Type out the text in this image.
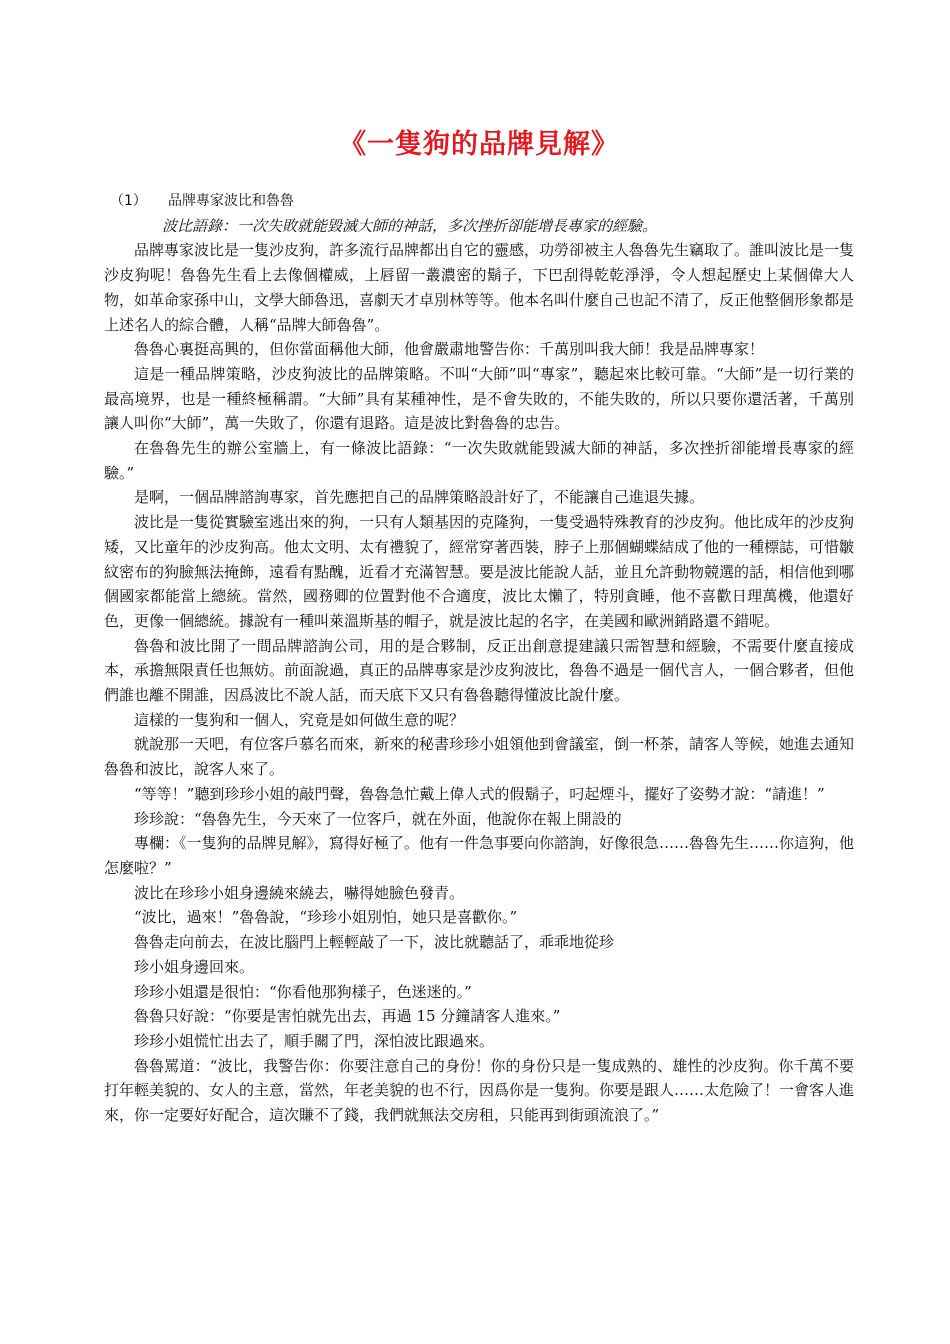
《一隻狗的品牌見解》
（1） 品牌專家波比和魯魯

波比語錄：一次失敗就能毀滅大師的神話，多次挫折卻能增長專家的經驗。

品牌專家波比是一隻沙皮狗，許多流行品牌都出自它的靈感，功勞卻被主人魯魯先生竊取了。誰叫波比是一隻沙皮狗呢！魯魯先生看上去像個權威，上唇留一叢濃密的鬍子，下巴刮得乾乾淨淨，令人想起歷史上某個偉大人物，如革命家孫中山，文學大師魯迅，喜劇天才卓別林等等。他本名叫什麼自己也記不清了，反正他整個形象都是上述名人的綜合體，人稱“品牌大師魯魯”。

魯魯心裏挺高興的，但你當面稱他大師，他會嚴肅地警告你：千萬別叫我大師！我是品牌專家！

這是一種品牌策略，沙皮狗波比的品牌策略。不叫“大師”叫“專家”，聽起來比較可靠。“大師”是一切行業的最高境界，也是一種終極稱謂。“大師”具有某種神性，是不會失敗的，不能失敗的，所以只要你還活著，千萬別讓人叫你“大師”，萬一失敗了，你還有退路。這是波比對魯魯的忠告。

在魯魯先生的辦公室牆上，有一條波比語錄：“一次失敗就能毀滅大師的神話，多次挫折卻能增長專家的經驗。”

是啊，一個品牌諮詢專家，首先應把自己的品牌策略設計好了，不能讓自己進退失據。

波比是一隻從實驗室逃出來的狗，一只有人類基因的克隆狗，一隻受過特殊教育的沙皮狗。他比成年的沙皮狗矮，又比童年的沙皮狗高。他太文明、太有禮貌了，經常穿著西裝，脖子上那個蝴蝶結成了他的一種標誌，可惜皺紋密布的狗臉無法掩飾，遠看有點醜，近看才充滿智慧。要是波比能說人話，並且允許動物競選的話，相信他到哪個國家都能當上總統。當然，國務卿的位置對他不合適度，波比太懶了，特別貪睡，他不喜歡日理萬機，他還好色，更像一個總統。據說有一種叫萊溫斯基的帽子，就是波比起的名字，在美國和歐洲銷路還不錯呢。

魯魯和波比開了一間品牌諮詢公司，用的是合夥制，反正出創意提建議只需智慧和經驗，不需要什麼直接成本，承擔無限責任也無妨。前面說過，真正的品牌專家是沙皮狗波比，魯魯不過是一個代言人，一個合夥者，但他們誰也離不開誰，因爲波比不說人話，而天底下又只有魯魯聽得懂波比說什麼。

這樣的一隻狗和一個人，究竟是如何做生意的呢？

就說那一天吧，有位客戶慕名而來，新來的秘書珍珍小姐領他到會議室，倒一杯茶，請客人等候，她進去通知魯魯和波比，說客人來了。

“等等！”聽到珍珍小姐的敲門聲，魯魯急忙戴上偉人式的假鬍子，叼起煙斗，擺好了姿勢才說：“請進！”

珍珍說：“魯魯先生，今天來了一位客戶，就在外面，他說你在報上開設的

專欄：《一隻狗的品牌見解》，寫得好極了。他有一件急事要向你諮詢，好像很急……魯魯先生……你這狗，他怎麼啦？”

波比在珍珍小姐身邊繞來繞去，嚇得她臉色發青。

“波比，過來！”魯魯說，“珍珍小姐別怕，她只是喜歡你。”

魯魯走向前去，在波比腦門上輕輕敲了一下，波比就聽話了，乖乖地從珍

珍小姐身邊回來。

珍珍小姐還是很怕：“你看他那狗樣子，色迷迷的。”

魯魯只好說：“你要是害怕就先出去，再過 15 分鐘請客人進來。”

珍珍小姐慌忙出去了，順手關了門，深怕波比跟過來。

魯魯罵道：“波比，我警告你：你要注意自己的身份！你的身份只是一隻成熟的、雄性的沙皮狗。你千萬不要打年輕美貌的、女人的主意，當然，年老美貌的也不行，因爲你是一隻狗。你要是跟人……太危險了！一會客人進來，你一定要好好配合，這次賺不了錢，我們就無法交房租，只能再到街頭流浪了。”
